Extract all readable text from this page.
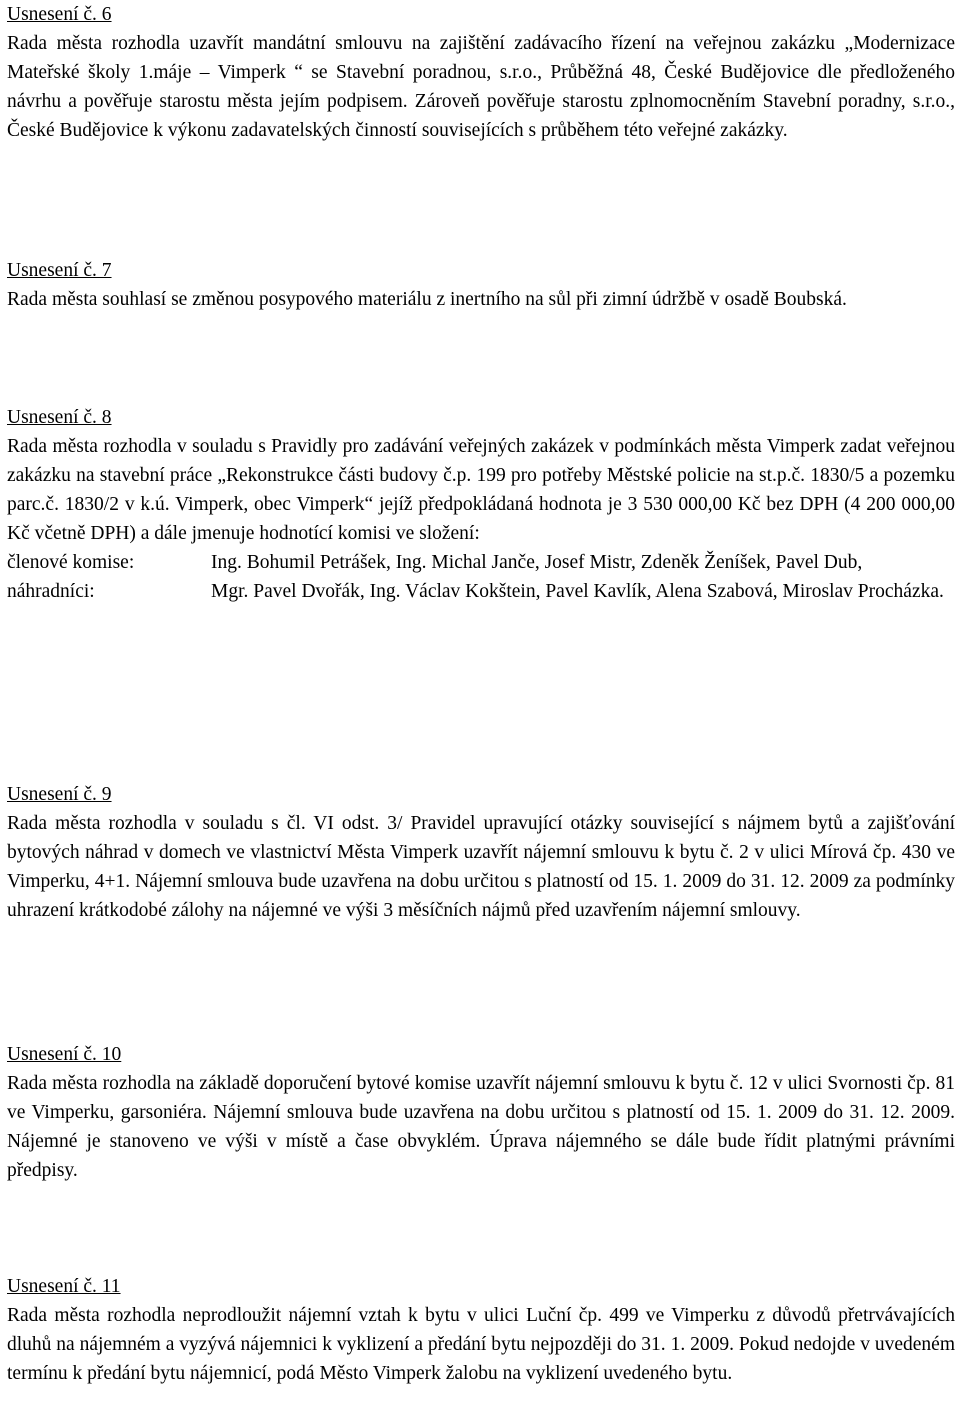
Usnesení č. 6

Rada města rozhodla uzavřít mandátní smlouvu na zajištění zadávacího řízení na veřejnou zakázku „Modernizace Mateřské školy 1.máje – Vimperk “ se Stavební poradnou, s.r.o., Průběžná 48, České Budějovice dle předloženého návrhu a pověřuje starostu města jejím podpisem. Zároveň pověřuje starostu zplnomocněním Stavební poradny, s.r.o., České Budějovice k výkonu zadavatelských činností souvisejících s průběhem této veřejné zakázky.

Usnesení č. 7

Rada města souhlasí se změnou posypového materiálu z inertního na sůl při zimní údržbě v osadě Boubská.

Usnesení č. 8

Rada města rozhodla v souladu s Pravidly pro zadávání veřejných zakázek v podmínkách města Vimperk zadat veřejnou zakázku na stavební práce „Rekonstrukce části budovy č.p. 199 pro potřeby Městské policie na st.p.č. 1830/5 a pozemku parc.č. 1830/2 v k.ú. Vimperk, obec Vimperk“ jejíž předpokládaná hodnota je 3 530 000,00 Kč bez DPH (4 200 000,00 Kč včetně DPH) a dále jmenuje hodnotící komisi ve složení:

členové komise:	Ing. Bohumil Petrášek, Ing. Michal Janče, Josef Mistr, Zdeněk Ženíšek, Pavel Dub,
náhradníci:	Mgr. Pavel Dvořák, Ing. Václav Kokštein, Pavel Kavlík, Alena Szabová, Miroslav Procházka.
Usnesení č. 9

Rada města rozhodla v souladu s čl. VI odst. 3/ Pravidel upravující otázky související s nájmem bytů a zajišťování bytových náhrad v domech ve vlastnictví Města Vimperk uzavřít nájemní smlouvu k bytu č. 2 v ulici Mírová čp. 430 ve Vimperku, 4+1. Nájemní smlouva bude uzavřena na dobu určitou s platností od 15. 1. 2009 do 31. 12. 2009 za podmínky uhrazení krátkodobé zálohy na nájemné ve výši 3 měsíčních nájmů před uzavřením nájemní smlouvy.

Usnesení č. 10

Rada města rozhodla na základě doporučení bytové komise uzavřít nájemní smlouvu k bytu č. 12 v ulici Svornosti čp. 81 ve Vimperku, garsoniéra. Nájemní smlouva bude uzavřena na dobu určitou s platností od 15. 1. 2009 do 31. 12. 2009. Nájemné je stanoveno ve výši v místě a čase obvyklém. Úprava nájemného se dále bude řídit platnými právními předpisy.

Usnesení č. 11

Rada města rozhodla neprodloužit nájemní vztah k bytu v ulici Luční čp. 499 ve Vimperku z důvodů přetrvávajících dluhů na nájemném a vyzývá nájemnici k vyklizení a předání bytu nejpozději do 31. 1. 2009. Pokud nedojde v uvedeném termínu k předání bytu nájemnicí, podá Město Vimperk žalobu na vyklizení uvedeného bytu.
